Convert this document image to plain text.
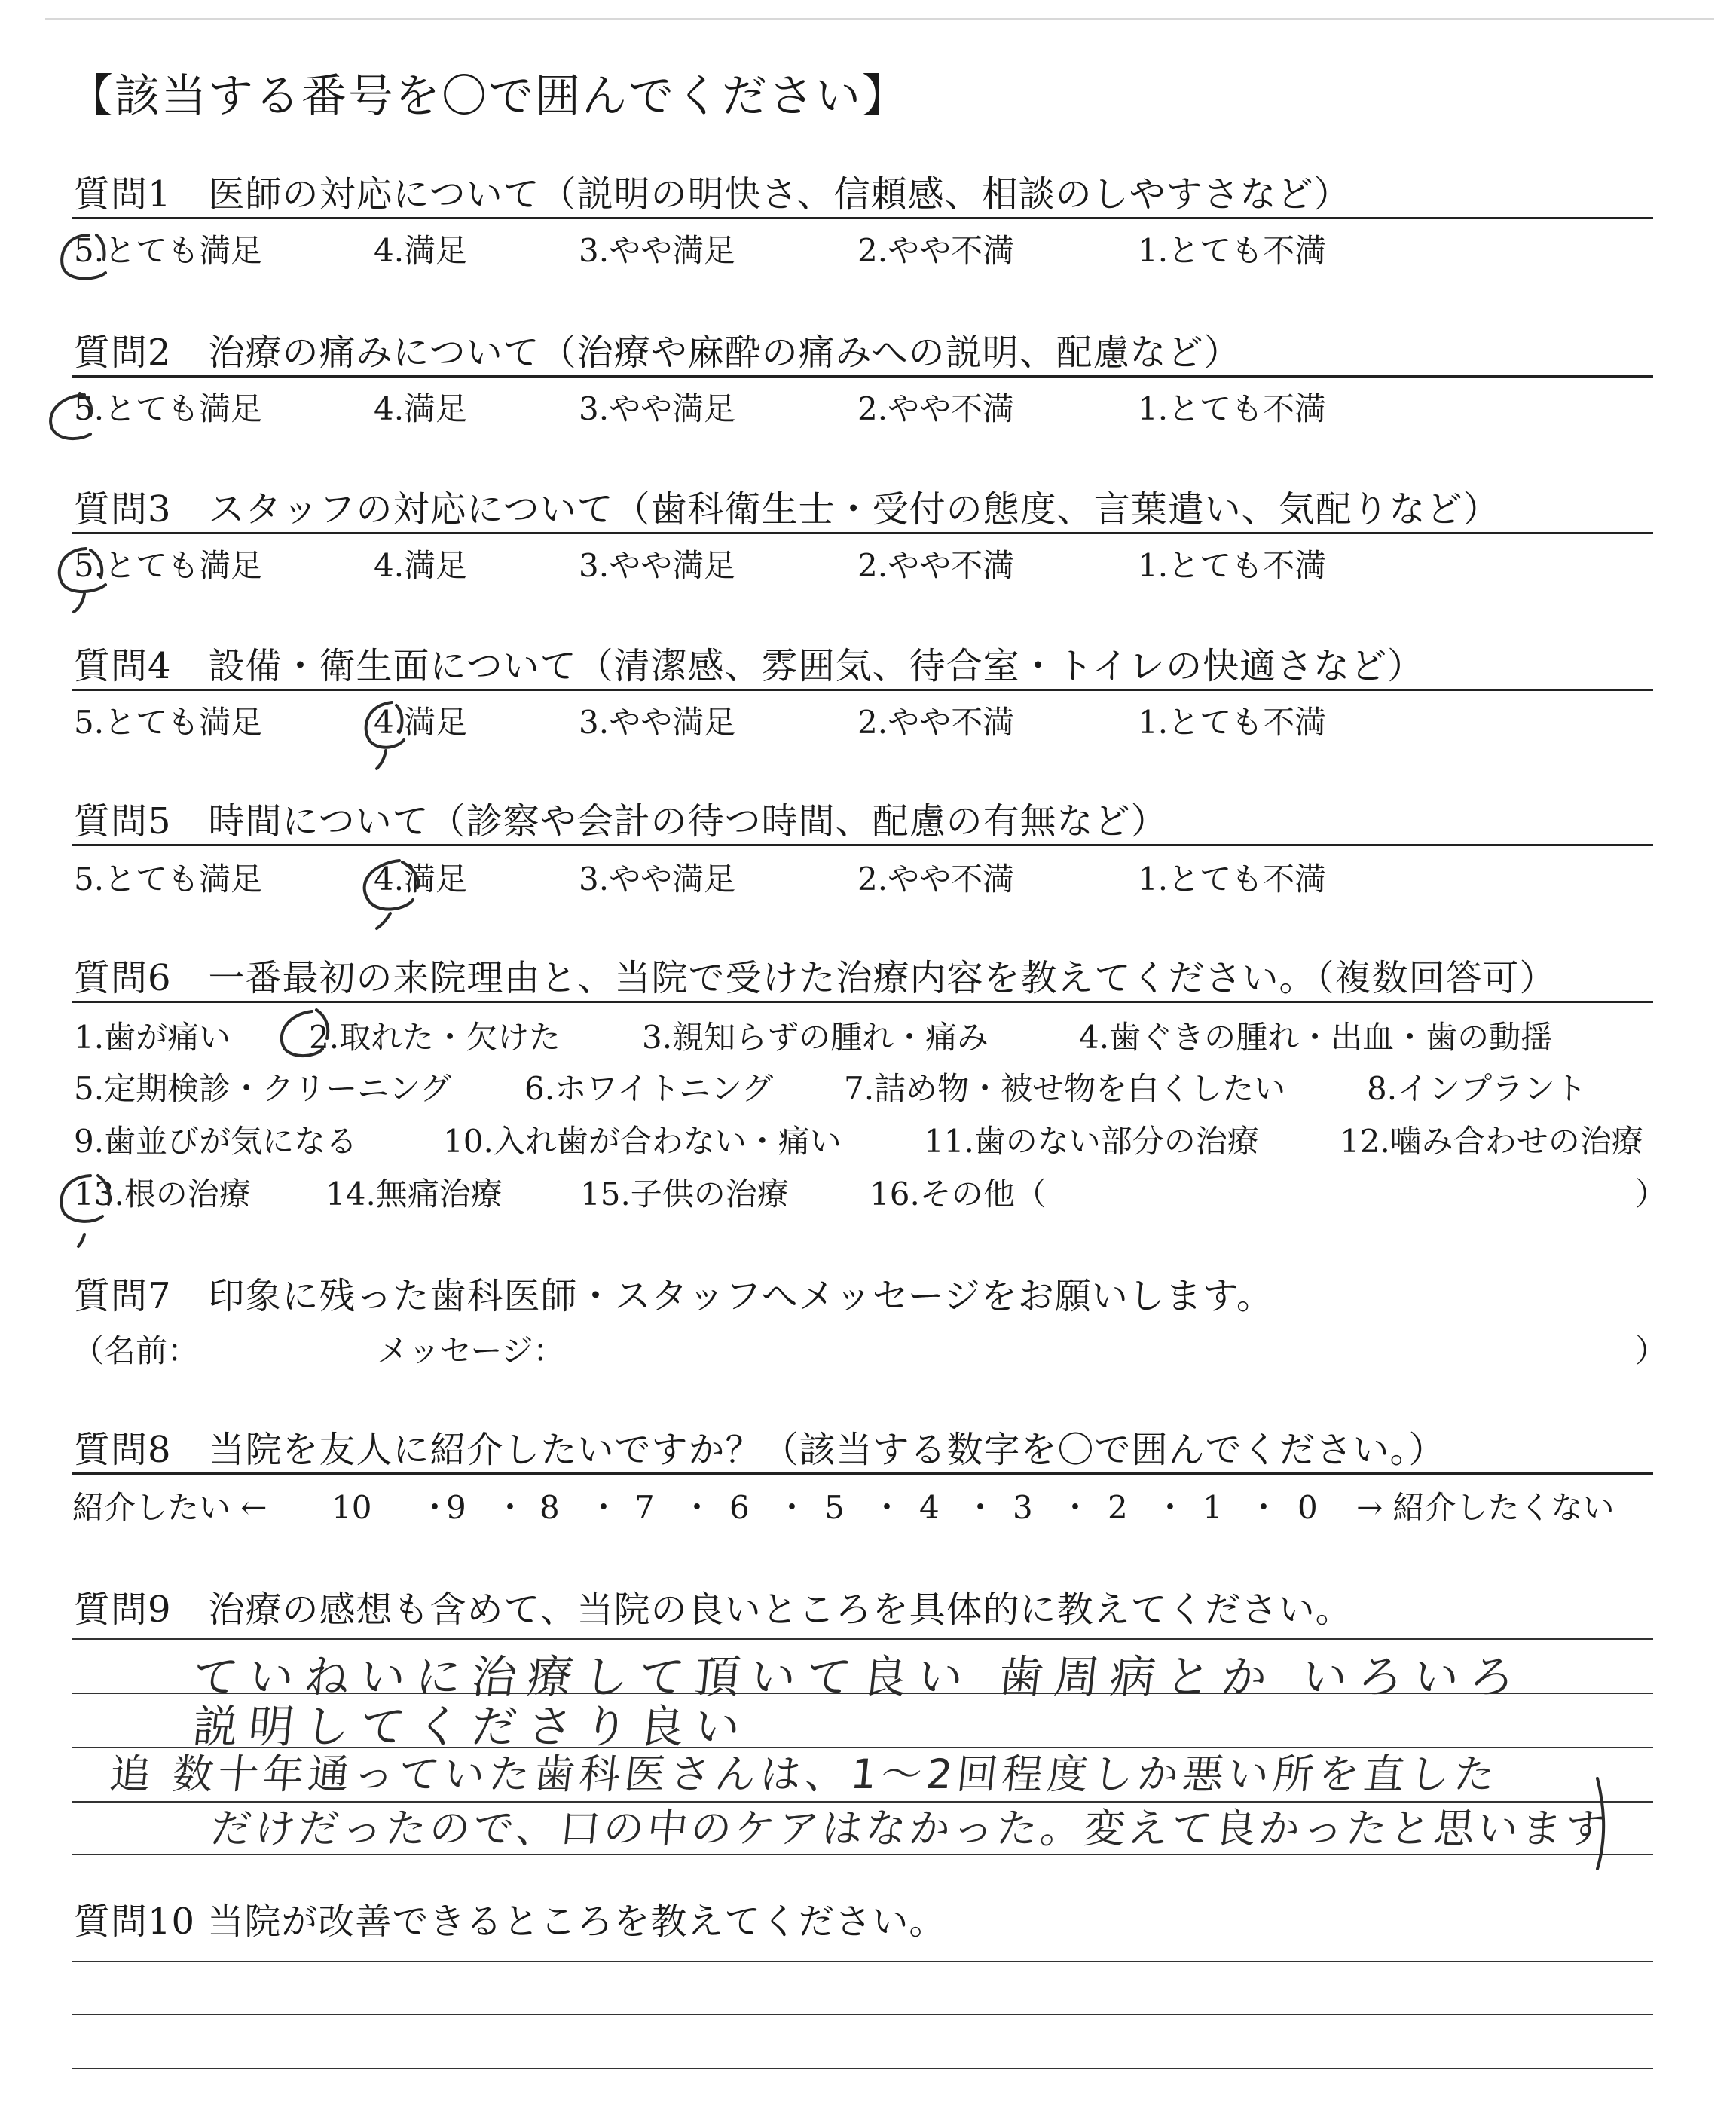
【該当する番号を〇で囲んでください】
質問1　医師の対応について（説明の明快さ、信頼感、相談のしやすさなど）
5.とても満足	4.満足	3.やや満足	2.やや不満	1.とても不満
質問2　治療の痛みについて（治療や麻酔の痛みへの説明、配慮など）
5.とても満足	4.満足	3.やや満足	2.やや不満	1.とても不満
質問3　スタッフの対応について（歯科衛生士・受付の態度、言葉遣い、気配りなど）
5.とても満足	4.満足	3.やや満足	2.やや不満	1.とても不満
質問4　設備・衛生面について（清潔感、雰囲気、待合室・トイレの快適さなど）
5.とても満足	4.満足	3.やや満足	2.やや不満	1.とても不満
質問5　時間について（診察や会計の待つ時間、配慮の有無など）
5.とても満足	4.満足	3.やや満足	2.やや不満	1.とても不満
質問6　一番最初の来院理由と、当院で受けた治療内容を教えてください。（複数回答可）
1.歯が痛い 2.取れた・欠けた	3.親知らずの腫れ・痛み	4.歯ぐきの腫れ・出血・歯の動揺
5.定期検診・クリーニング 6.ホワイトニング 7.詰め物・被せ物を白くしたい	8.インプラント
9.歯並びが気になる	10.入れ歯が合わない・痛い	11.歯のない部分の治療	12.噛み合わせの治療
13.根の治療 14.無痛治療 15.子供の治療	16.その他（	）
質問7　印象に残った歯科医師・スタッフへメッセージをお願いします。
（名前：	メッセージ：	）
質問8　当院を友人に紹介したいですか？（該当する数字を〇で囲んでください。）
紹介したい ← 10 ・
9 ・ 8 ・ 7 ・ 6 ・ 5 ・ 4 ・ 3 ・ 2 ・ 1 ・ 0 → 紹介したくない
質問9　治療の感想も含めて、当院の良いところを具体的に教えてください。
ていねいに治療して頂いて良い 歯周病とか いろいろ
説明してくださり良い
追 数十年通っていた歯科医さんは、1～2回程度しか悪い所を直した
だけだったので、口の中のケアはなかった。変えて良かったと思います
質問10 当院が改善できるところを教えてください。
